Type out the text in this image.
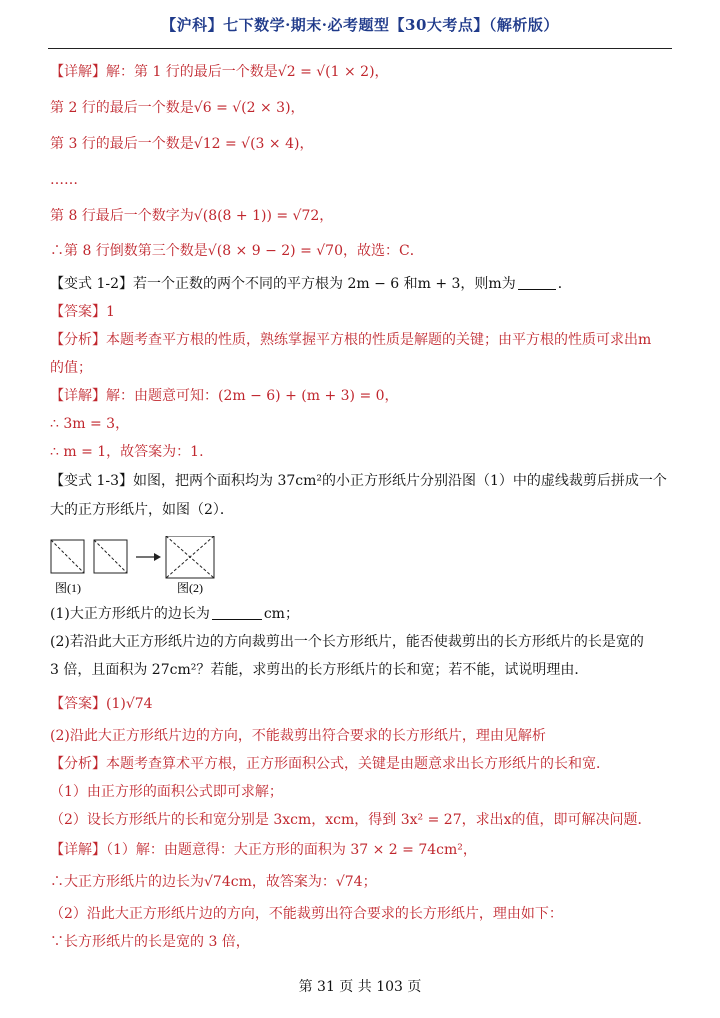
【沪科】七下数学·期末·必考题型【30大考点】（解析版）
【详解】解：第 1 行的最后一个数是√2 = √(1 × 2)，
第 2 行的最后一个数是√6 = √(2 × 3)，
第 3 行的最后一个数是√12 = √(3 × 4)，
……
第 8 行最后一个数字为√(8(8 + 1)) = √72，
∴第 8 行倒数第三个数是√(8 × 9 − 2) = √70，故选：C．
【变式 1-2】若一个正数的两个不同的平方根为 2m − 6 和m + 3，则m为	．
【答案】1
【分析】本题考查平方根的性质，熟练掌握平方根的性质是解题的关键；由平方根的性质可求出m
的值；
【详解】解：由题意可知：(2m − 6) + (m + 3) = 0，
∴ 3m = 3，
∴ m = 1，故答案为：1.
【变式 1-3】如图，把两个面积均为 37cm²的小正方形纸片分别沿图（1）中的虚线裁剪后拼成一个
大的正方形纸片，如图（2）．
图(1)	图(2)
(1)大正方形纸片的边长为	cm；
(2)若沿此大正方形纸片边的方向裁剪出一个长方形纸片，能否使裁剪出的长方形纸片的长是宽的
3 倍，且面积为 27cm²？若能，求剪出的长方形纸片的长和宽；若不能，试说明理由．
【答案】(1)√74
(2)沿此大正方形纸片边的方向，不能裁剪出符合要求的长方形纸片，理由见解析
【分析】本题考查算术平方根，正方形面积公式，关键是由题意求出长方形纸片的长和宽．
（1）由正方形的面积公式即可求解；
（2）设长方形纸片的长和宽分别是 3xcm，xcm，得到 3x² = 27，求出x的值，即可解决问题．
【详解】（1）解：由题意得：大正方形的面积为 37 × 2 = 74cm²，
∴大正方形纸片的边长为√74cm，故答案为：√74；
（2）沿此大正方形纸片边的方向，不能裁剪出符合要求的长方形纸片，理由如下：
∵长方形纸片的长是宽的 3 倍，
第 31 页 共 103 页
